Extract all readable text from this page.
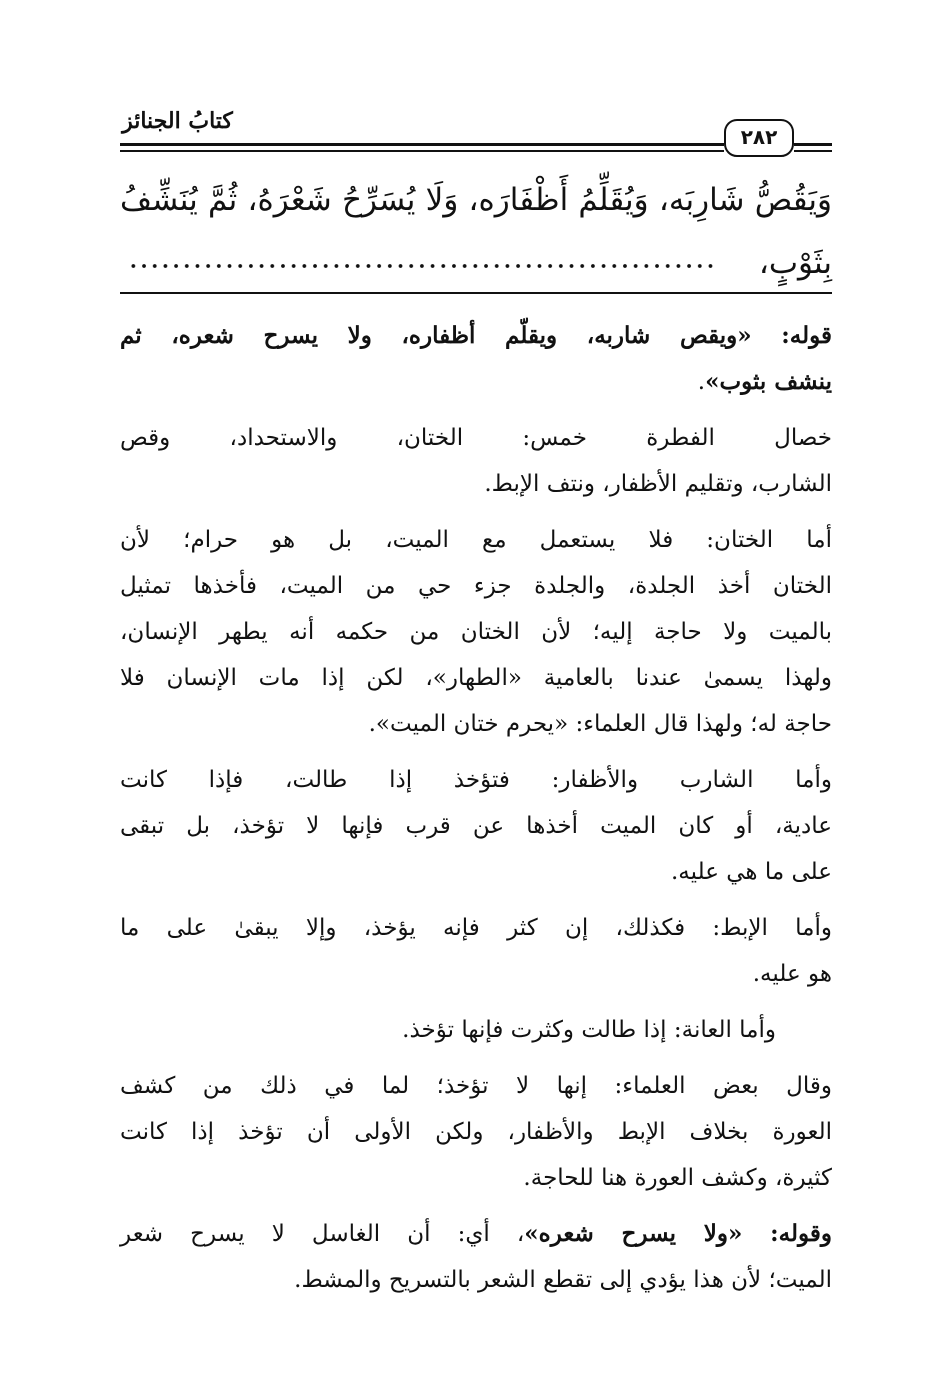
كتابُ الجنائز
٢٨٢
وَيَقُصُّ شَارِبَه، وَيُقَلِّمُ أَظْفَارَه، وَلَا يُسَرِّحُ شَعْرَهُ، ثُمَّ يُنَشِّفُ
بِثَوْبٍ،
قوله: «ويقص شاربه، ويقلّم أظفاره، ولا يسرح شعره، ثم
ينشف بثوب».
خصال الفطرة خمس: الختان، والاستحداد، وقص
الشارب، وتقليم الأظفار، ونتف الإبط.
أما الختان: فلا يستعمل مع الميت، بل هو حرام؛ لأن
الختان أخذ الجلدة، والجلدة جزء حي من الميت، فأخذها تمثيل
بالميت ولا حاجة إليه؛ لأن الختان من حكمه أنه يطهر الإنسان،
ولهذا يسمىٰ عندنا بالعامية «الطهار»، لكن إذا مات الإنسان فلا
حاجة له؛ ولهذا قال العلماء: «يحرم ختان الميت».
وأما الشارب والأظفار: فتؤخذ إذا طالت، فإذا كانت
عادية، أو كان الميت أخذها عن قرب فإنها لا تؤخذ، بل تبقى
على ما هي عليه.
وأما الإبط: فكذلك، إن كثر فإنه يؤخذ، وإلا يبقىٰ على ما
هو عليه.
وأما العانة: إذا طالت وكثرت فإنها تؤخذ.
وقال بعض العلماء: إنها لا تؤخذ؛ لما في ذلك من كشف
العورة بخلاف الإبط والأظفار، ولكن الأولى أن تؤخذ إذا كانت
كثيرة، وكشف العورة هنا للحاجة.
وقوله: «ولا يسرح شعره»، أي: أن الغاسل لا يسرح شعر
الميت؛ لأن هذا يؤدي إلى تقطع الشعر بالتسريح والمشط.
